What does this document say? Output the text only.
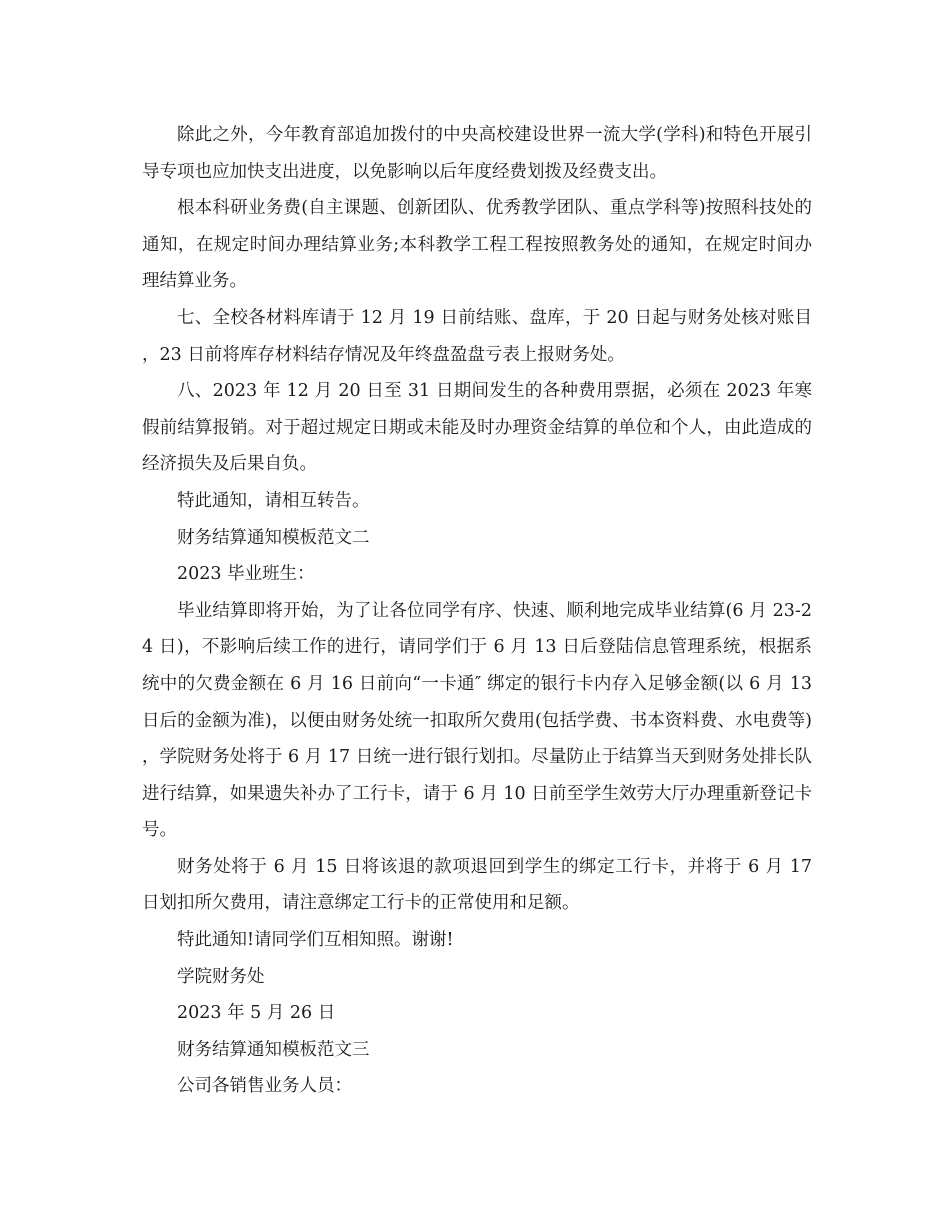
除此之外，今年教育部追加拨付的中央高校建设世界一流大学(学科)和特色开展引导专项也应加快支出进度，以免影响以后年度经费划拨及经费支出。

根本科研业务费(自主课题、创新团队、优秀教学团队、重点学科等)按照科技处的通知，在规定时间办理结算业务;本科教学工程工程按照教务处的通知，在规定时间办理结算业务。

七、全校各材料库请于 12 月 19 日前结账、盘库，于 20 日起与财务处核对账目，23 日前将库存材料结存情况及年终盘盈盘亏表上报财务处。

八、2023 年 12 月 20 日至 31 日期间发生的各种费用票据，必须在 2023 年寒假前结算报销。对于超过规定日期或未能及时办理资金结算的单位和个人，由此造成的经济损失及后果自负。

特此通知，请相互转告。

财务结算通知模板范文二

2023 毕业班生：

毕业结算即将开始，为了让各位同学有序、快速、顺利地完成毕业结算(6 月 23-24 日)，不影响后续工作的进行，请同学们于 6 月 13 日后登陆信息管理系统，根据系统中的欠费金额在 6 月 16 日前向“一卡通″ 绑定的银行卡内存入足够金额(以 6 月 13 日后的金额为准)，以便由财务处统一扣取所欠费用(包括学费、书本资料费、水电费等)，学院财务处将于 6 月 17 日统一进行银行划扣。尽量防止于结算当天到财务处排长队进行结算，如果遗失补办了工行卡，请于 6 月 10 日前至学生效劳大厅办理重新登记卡号。

财务处将于 6 月 15 日将该退的款项退回到学生的绑定工行卡，并将于 6 月 17 日划扣所欠费用，请注意绑定工行卡的正常使用和足额。

特此通知!请同学们互相知照。谢谢!

学院财务处

2023 年 5 月 26 日

财务结算通知模板范文三

公司各销售业务人员：
